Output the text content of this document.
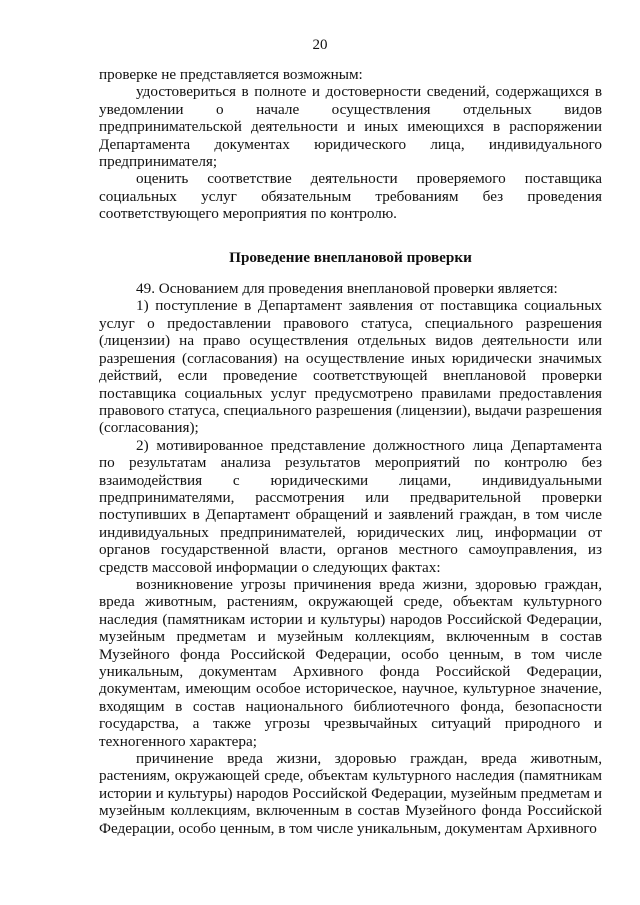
20

проверке не представляется возможным:

удостовериться в полноте и достоверности сведений, содержащихся в уведомлении о начале осуществления отдельных видов предпринимательской деятельности и иных имеющихся в распоряжении Департамента документах юридического лица, индивидуального предпринимателя;

оценить соответствие деятельности проверяемого поставщика социальных услуг обязательным требованиям без проведения соответствующего мероприятия по контролю.

Проведение внеплановой проверки

49. Основанием для проведения внеплановой проверки является:

1) поступление в Департамент заявления от поставщика социальных услуг о предоставлении правового статуса, специального разрешения (лицензии) на право осуществления отдельных видов деятельности или разрешения (согласования) на осуществление иных юридически значимых действий, если проведение соответствующей внеплановой проверки поставщика социальных услуг предусмотрено правилами предоставления правового статуса, специального разрешения (лицензии), выдачи разрешения (согласования);

2) мотивированное представление должностного лица Департамента по результатам анализа результатов мероприятий по контролю без взаимодействия с юридическими лицами, индивидуальными предпринимателями, рассмотрения или предварительной проверки поступивших в Департамент обращений и заявлений граждан, в том числе индивидуальных предпринимателей, юридических лиц, информации от органов государственной власти, органов местного самоуправления, из средств массовой информации о следующих фактах:

возникновение угрозы причинения вреда жизни, здоровью граждан, вреда животным, растениям, окружающей среде, объектам культурного наследия (памятникам истории и культуры) народов Российской Федерации, музейным предметам и музейным коллекциям, включенным в состав Музейного фонда Российской Федерации, особо ценным, в том числе уникальным, документам Архивного фонда Российской Федерации, документам, имеющим особое историческое, научное, культурное значение, входящим в состав национального библиотечного фонда, безопасности государства, а также угрозы чрезвычайных ситуаций природного и техногенного характера;

причинение вреда жизни, здоровью граждан, вреда животным, растениям, окружающей среде, объектам культурного наследия (памятникам истории и культуры) народов Российской Федерации, музейным предметам и музейным коллекциям, включенным в состав Музейного фонда Российской Федерации, особо ценным, в том числе уникальным, документам Архивного
